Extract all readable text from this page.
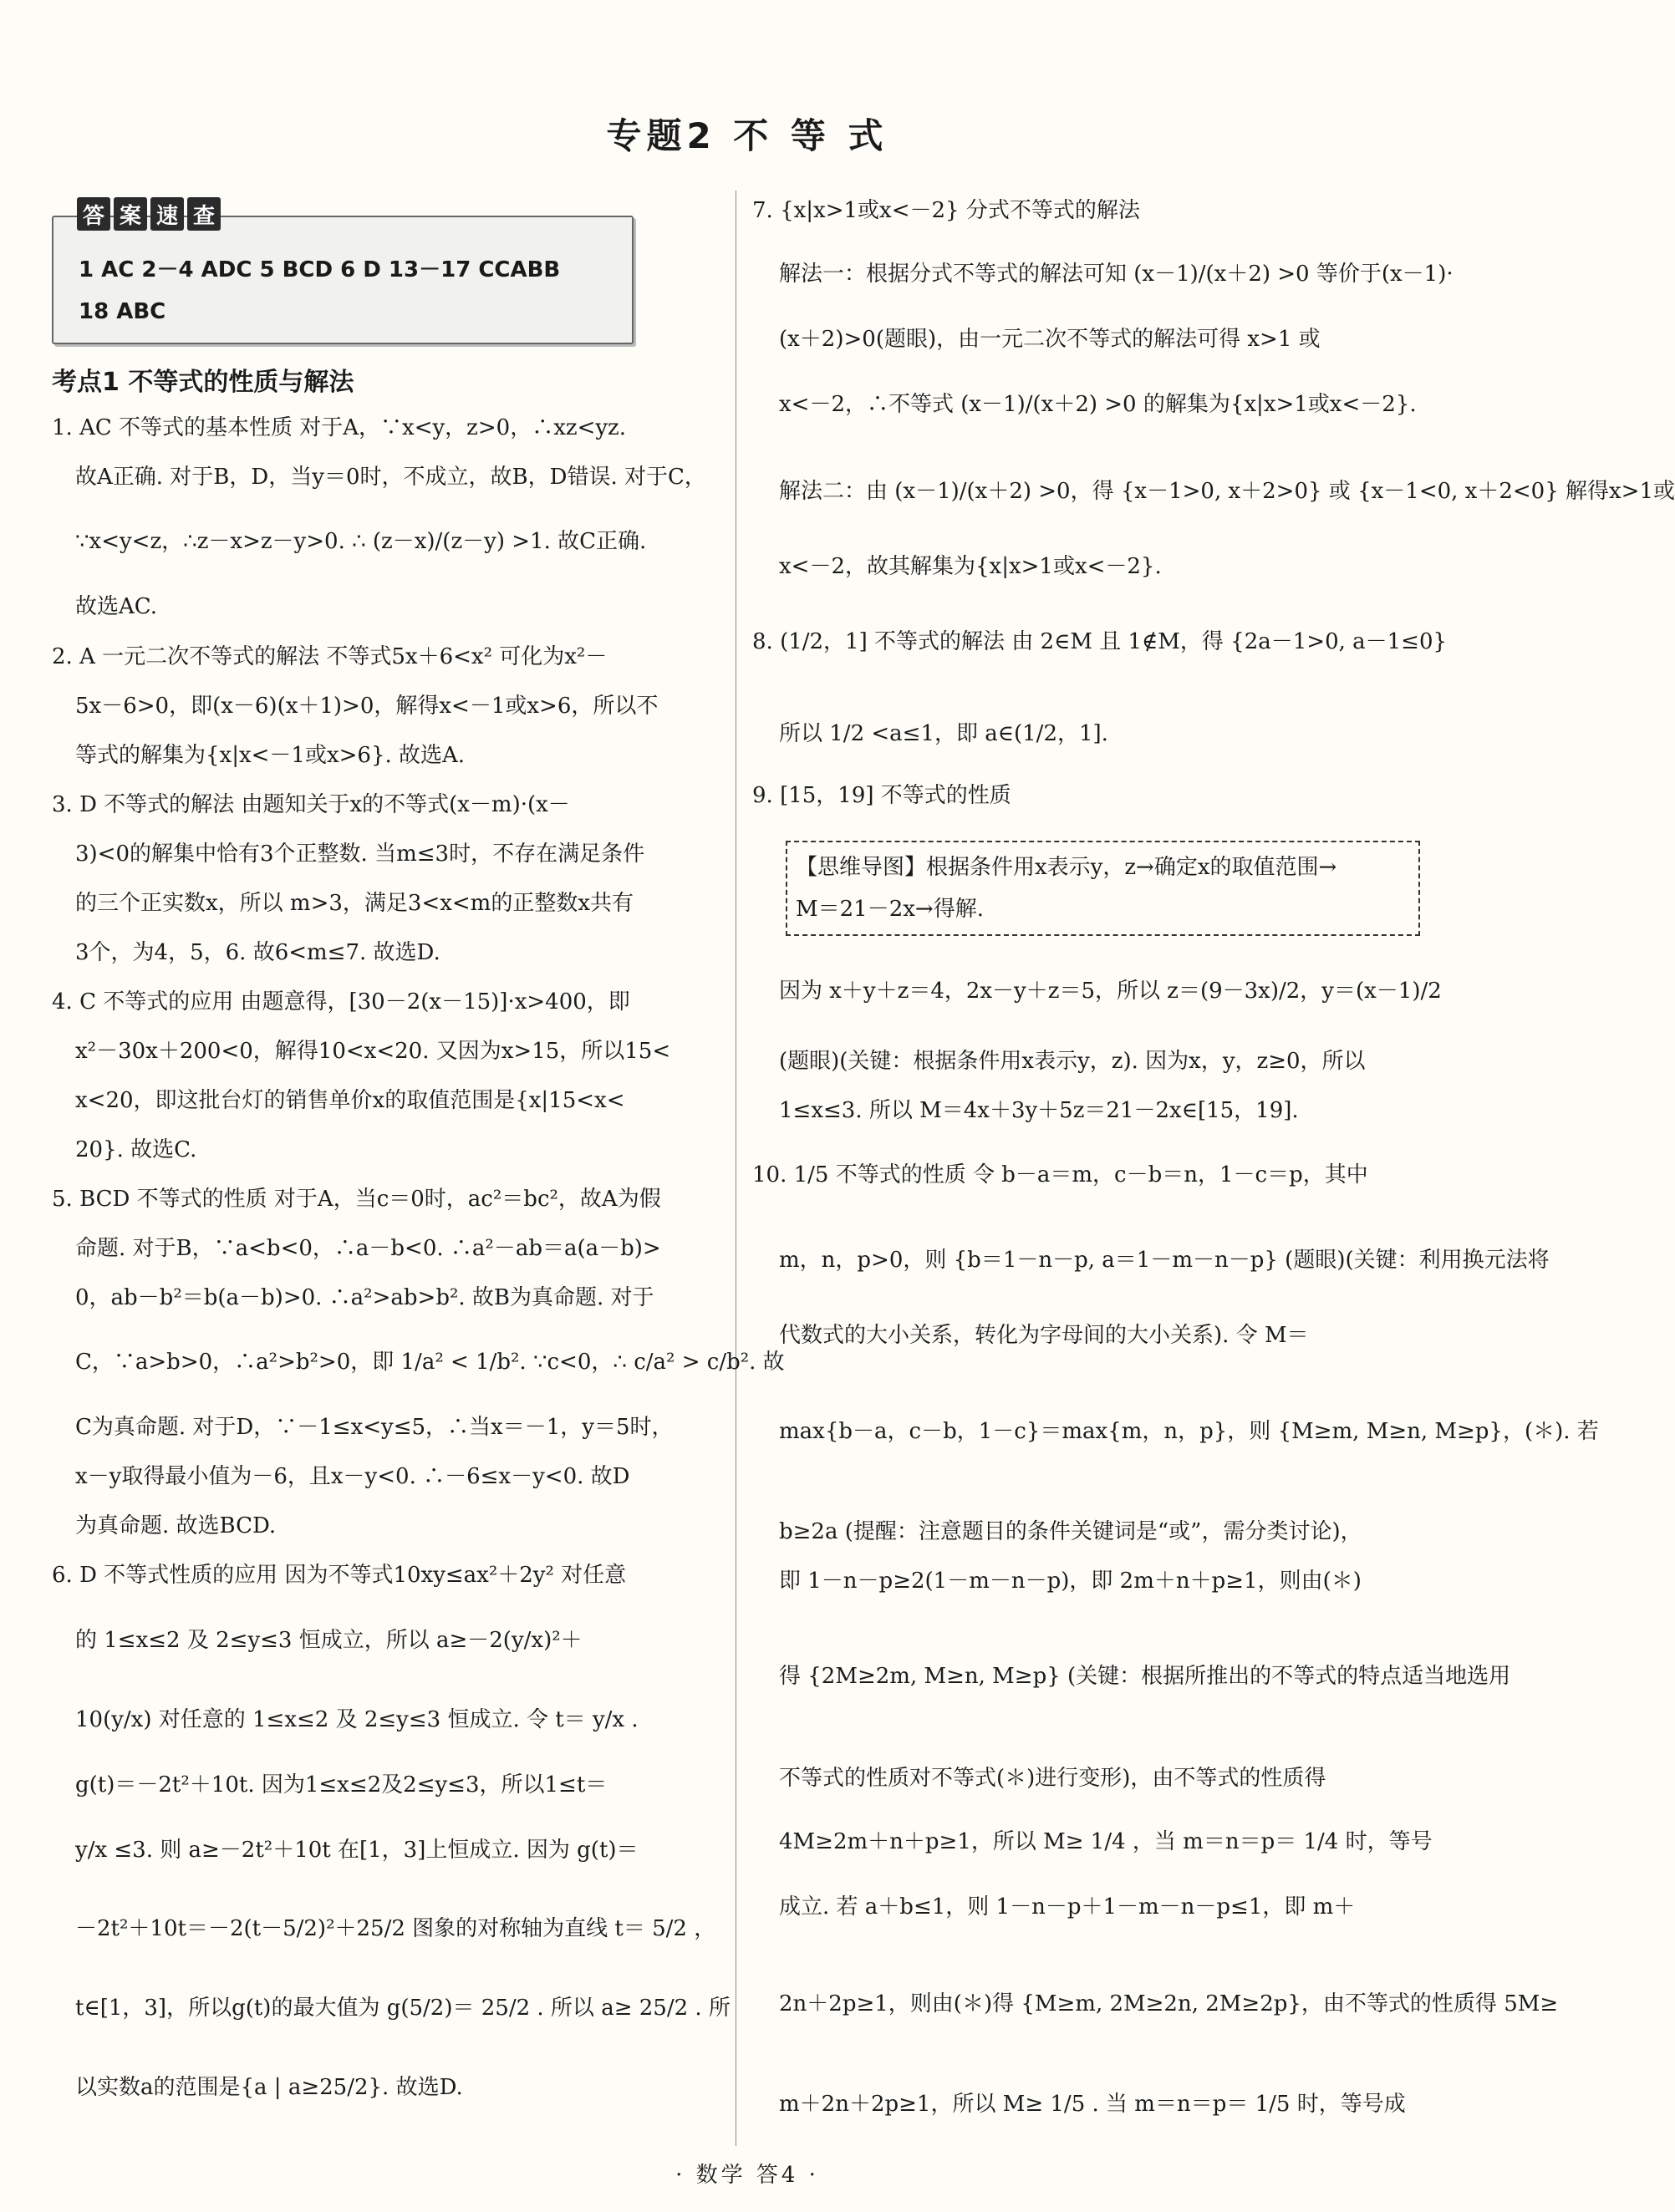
专题2 不 等 式
答 案 速 查
1 AC 2－4 ADC 5 BCD 6 D 13－17 CCABB
18 ABC
考点1 不等式的性质与解法

1. AC 不等式的基本性质 对于A，∵x<y，z>0，∴xz<yz.

故A正确. 对于B，D，当y＝0时，不成立，故B，D错误. 对于C，

∵x<y<z，∴z－x>z－y>0. ∴ (z－x)/(z－y) >1. 故C正确.

故选AC.

2. A 一元二次不等式的解法 不等式5x＋6<x² 可化为x²－

5x－6>0，即(x－6)(x＋1)>0，解得x<－1或x>6，所以不

等式的解集为{x|x<－1或x>6}. 故选A.

3. D 不等式的解法 由题知关于x的不等式(x－m)·(x－

3)<0的解集中恰有3个正整数. 当m≤3时，不存在满足条件

的三个正实数x，所以 m>3，满足3<x<m的正整数x共有

3个，为4，5，6. 故6<m≤7. 故选D.

4. C 不等式的应用 由题意得，[30－2(x－15)]·x>400，即

x²－30x＋200<0，解得10<x<20. 又因为x>15，所以15<

x<20，即这批台灯的销售单价x的取值范围是{x|15<x<

20}. 故选C.

5. BCD 不等式的性质 对于A，当c＝0时，ac²＝bc²，故A为假

命题. 对于B，∵a<b<0，∴a－b<0. ∴a²－ab＝a(a－b)>

0，ab－b²＝b(a－b)>0. ∴a²>ab>b². 故B为真命题. 对于

C，∵a>b>0，∴a²>b²>0，即 1/a² < 1/b². ∵c<0，∴ c/a² > c/b². 故

C为真命题. 对于D，∵－1≤x<y≤5，∴当x＝－1，y＝5时，

x－y取得最小值为－6，且x－y<0. ∴－6≤x－y<0. 故D

为真命题. 故选BCD.

6. D 不等式性质的应用 因为不等式10xy≤ax²＋2y² 对任意

的 1≤x≤2 及 2≤y≤3 恒成立，所以 a≥－2(y/x)²＋

10(y/x) 对任意的 1≤x≤2 及 2≤y≤3 恒成立. 令 t＝ y/x .

g(t)＝－2t²＋10t. 因为1≤x≤2及2≤y≤3，所以1≤t＝

y/x ≤3. 则 a≥－2t²＋10t 在[1，3]上恒成立. 因为 g(t)＝

－2t²＋10t＝－2(t－5/2)²＋25/2 图象的对称轴为直线 t＝ 5/2 ，

t∈[1，3]，所以g(t)的最大值为 g(5/2)＝ 25/2 . 所以 a≥ 25/2 . 所

以实数a的范围是{a | a≥25/2}. 故选D.

7. {x|x>1或x<－2} 分式不等式的解法

解法一：根据分式不等式的解法可知 (x－1)/(x＋2) >0 等价于(x－1)·

(x＋2)>0(题眼)，由一元二次不等式的解法可得 x>1 或

x<－2，∴不等式 (x－1)/(x＋2) >0 的解集为{x|x>1或x<－2}.

解法二：由 (x－1)/(x＋2) >0，得 {x－1>0, x＋2>0} 或 {x－1<0, x＋2<0} 解得x>1或

x<－2，故其解集为{x|x>1或x<－2}.

8. (1/2，1] 不等式的解法 由 2∈M 且 1∉M，得 {2a－1>0, a－1≤0}

所以 1/2 <a≤1，即 a∈(1/2，1].

9. [15，19] 不等式的性质

【思维导图】根据条件用x表示y，z→确定x的取值范围→

M＝21－2x→得解.

因为 x＋y＋z＝4，2x－y＋z＝5，所以 z＝(9－3x)/2，y＝(x－1)/2

(题眼)(关键：根据条件用x表示y，z). 因为x，y，z≥0，所以

1≤x≤3. 所以 M＝4x＋3y＋5z＝21－2x∈[15，19].

10. 1/5 不等式的性质 令 b－a＝m，c－b＝n，1－c＝p，其中

m，n，p>0，则 {b＝1－n－p, a＝1－m－n－p} (题眼)(关键：利用换元法将

代数式的大小关系，转化为字母间的大小关系). 令 M＝

max{b－a，c－b，1－c}＝max{m，n，p}，则 {M≥m, M≥n, M≥p}，(＊). 若

b≥2a (提醒：注意题目的条件关键词是“或”，需分类讨论)，

即 1－n－p≥2(1－m－n－p)，即 2m＋n＋p≥1，则由(＊)

得 {2M≥2m, M≥n, M≥p} (关键：根据所推出的不等式的特点适当地选用

不等式的性质对不等式(＊)进行变形)，由不等式的性质得

4M≥2m＋n＋p≥1，所以 M≥ 1/4 ，当 m＝n＝p＝ 1/4 时，等号

成立. 若 a＋b≤1，则 1－n－p＋1－m－n－p≤1，即 m＋

2n＋2p≥1，则由(＊)得 {M≥m, 2M≥2n, 2M≥2p}，由不等式的性质得 5M≥

m＋2n＋2p≥1，所以 M≥ 1/5 . 当 m＝n＝p＝ 1/5 时，等号成

· 数学 答4 ·
